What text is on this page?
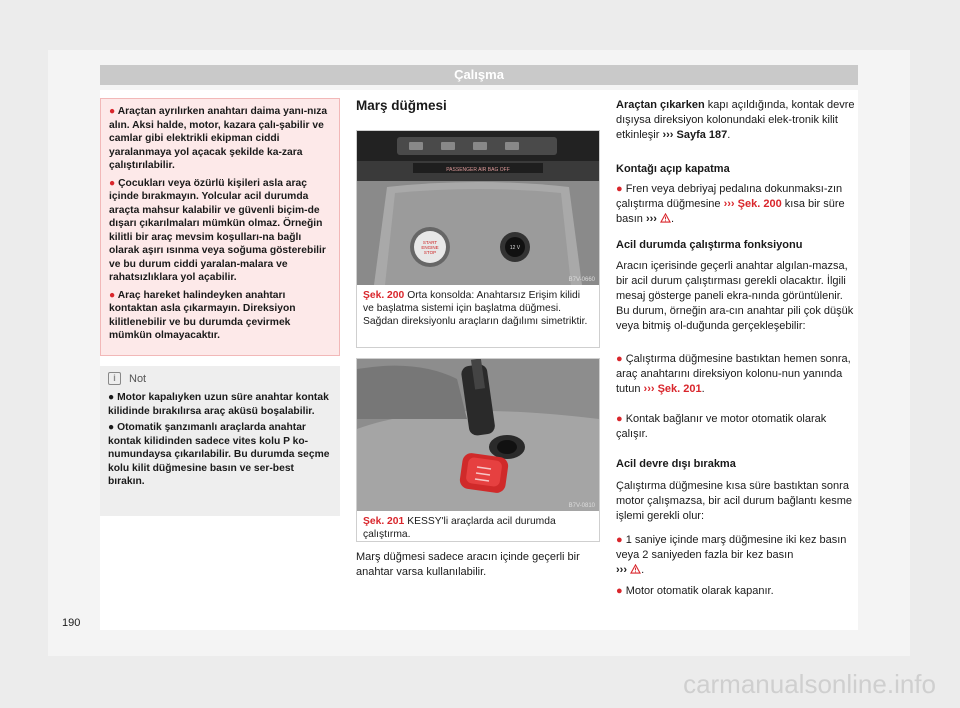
Çalışma

● Araçtan ayrılırken anahtarı daima yanı-nıza alın. Aksi halde, motor, kazara çalı-şabilir ve camlar gibi elektrikli ekipman ciddi yaralanmaya yol açacak şekilde ka-zara çalıştırılabilir.

● Çocukları veya özürlü kişileri asla araç içinde bırakmayın. Yolcular acil durumda araçta mahsur kalabilir ve güvenli biçim-de dışarı çıkarılmaları mümkün olmaz. Örneğin kilitli bir araç mevsim koşulları-na bağlı olarak aşırı ısınma veya soğuma gösterebilir ve bu durum ciddi yaralan-malara ve rahatsızlıklara yol açabilir.

● Araç hareket halindeyken anahtarı kontaktan asla çıkarmayın. Direksiyon kilitlenebilir ve bu durumda çevirmek mümkün olmayacaktır.

i	Not

● Motor kapalıyken uzun süre anahtar kontak kilidinde bırakılırsa araç aküsü boşalabilir.

● Otomatik şanzımanlı araçlarda anahtar kontak kilidinden sadece vites kolu P ko-numundaysa çıkarılabilir. Bu durumda seçme kolu kilit düğmesine basın ve ser-best bırakın.

Marş düğmesi
PASSENGER AIR BAG OFF
START
ENGINE
STOP
12 V
B7V-0660
Şek. 200 Orta konsolda: Anahtarsız Erişim kilidi ve başlatma sistemi için başlatma düğmesi. Sağdan direksiyonlu araçların dağılımı simetriktir.
B7V-0810
Şek. 201 KESSY'li araçlarda acil durumda çalıştırma.

Marş düğmesi sadece aracın içinde geçerli bir anahtar varsa kullanılabilir.

Araçtan çıkarken kapı açıldığında, kontak devre dışıysa direksiyon kolonundaki elek-tronik kilit etkinleşir ››› Sayfa 187.

Kontağı açıp kapatma

● Fren veya debriyaj pedalına dokunmaksı-zın çalıştırma düğmesine ››› Şek. 200 kısa bir süre basın ››› .

Acil durumda çalıştırma fonksiyonu

Aracın içerisinde geçerli anahtar algılan-mazsa, bir acil durum çalıştırması gerekli olacaktır. İlgili mesaj gösterge paneli ekra-nında görüntülenir. Bu durum, örneğin ara-cın anahtar pili çok düşük veya bitmiş ol-duğunda gerçekleşebilir:

● Çalıştırma düğmesine bastıktan hemen sonra, araç anahtarını direksiyon kolonu-nun yanında tutun ››› Şek. 201.

● Kontak bağlanır ve motor otomatik olarak çalışır.

Acil devre dışı bırakma

Çalıştırma düğmesine kısa süre bastıktan sonra motor çalışmazsa, bir acil durum bağlantı kesme işlemi gerekli olur:

● 1 saniye içinde marş düğmesine iki kez basın veya 2 saniyeden fazla bir kez basın
››› .

● Motor otomatik olarak kapanır.

190
carmanualsonline.info
